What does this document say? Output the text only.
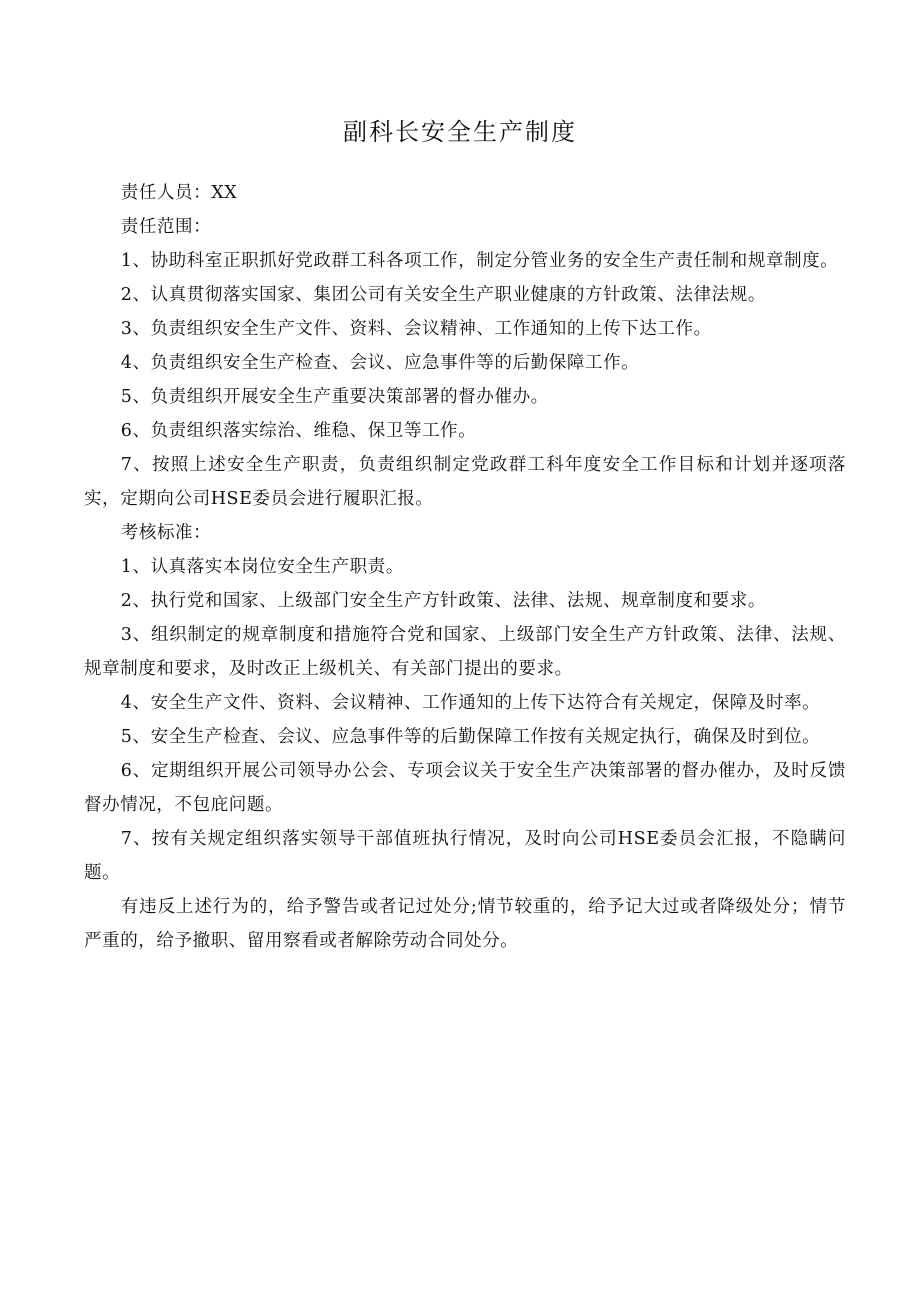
副科长安全生产制度

责任人员：XX

责任范围：

1、协助科室正职抓好党政群工科各项工作，制定分管业务的安全生产责任制和规章制度。

2、认真贯彻落实国家、集团公司有关安全生产职业健康的方针政策、法律法规。

3、负责组织安全生产文件、资料、会议精神、工作通知的上传下达工作。

4、负责组织安全生产检查、会议、应急事件等的后勤保障工作。

5、负责组织开展安全生产重要决策部署的督办催办。

6、负责组织落实综治、维稳、保卫等工作。

7、按照上述安全生产职责，负责组织制定党政群工科年度安全工作目标和计划并逐项落实，定期向公司HSE委员会进行履职汇报。

考核标准：

1、认真落实本岗位安全生产职责。

2、执行党和国家、上级部门安全生产方针政策、法律、法规、规章制度和要求。

3、组织制定的规章制度和措施符合党和国家、上级部门安全生产方针政策、法律、法规、规章制度和要求，及时改正上级机关、有关部门提出的要求。

4、安全生产文件、资料、会议精神、工作通知的上传下达符合有关规定，保障及时率。

5、安全生产检查、会议、应急事件等的后勤保障工作按有关规定执行，确保及时到位。

6、定期组织开展公司领导办公会、专项会议关于安全生产决策部署的督办催办，及时反馈督办情况，不包庇问题。

7、按有关规定组织落实领导干部值班执行情况，及时向公司HSE委员会汇报，不隐瞒问题。

有违反上述行为的，给予警告或者记过处分;情节较重的，给予记大过或者降级处分；情节严重的，给予撤职、留用察看或者解除劳动合同处分。
